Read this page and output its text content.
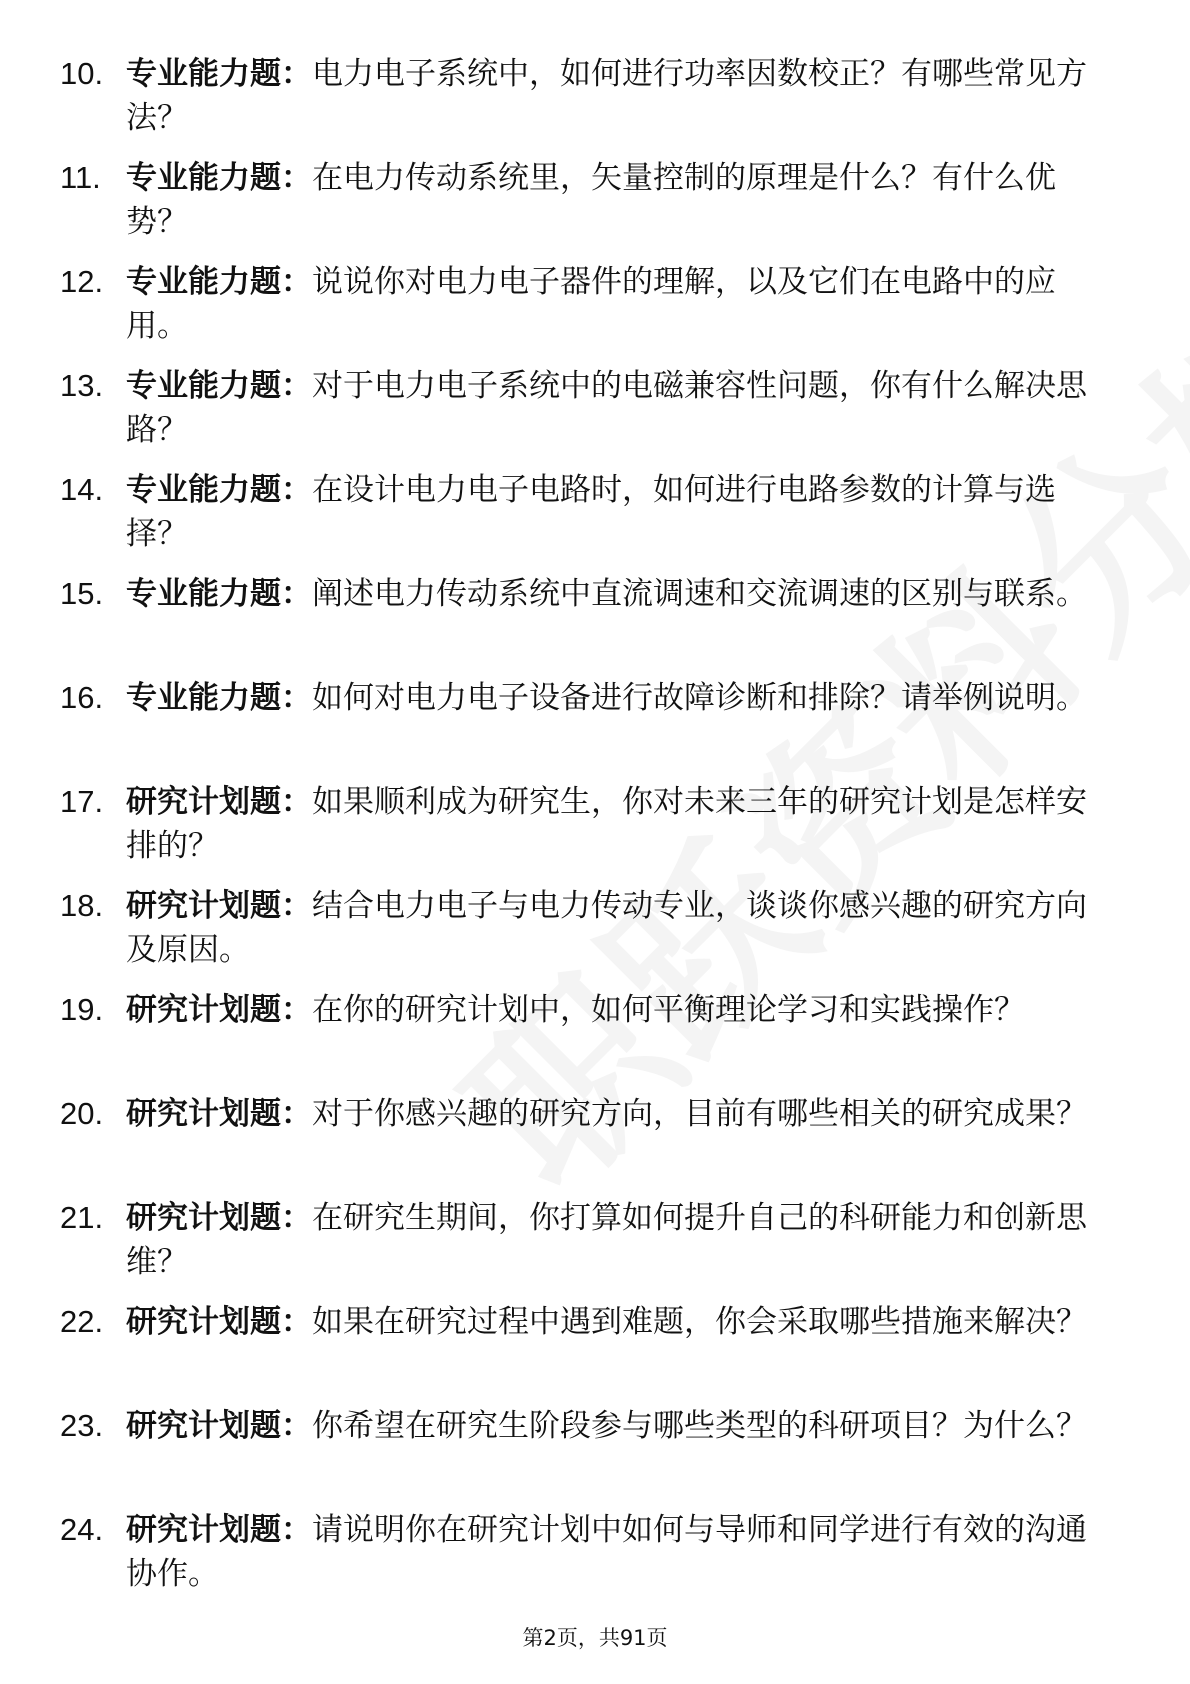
10. 专业能力题：电力电子系统中，如何进行功率因数校正？有哪些常见方法？
11. 专业能力题：在电力传动系统里，矢量控制的原理是什么？有什么优势？
12. 专业能力题：说说你对电力电子器件的理解，以及它们在电路中的应用。
13. 专业能力题：对于电力电子系统中的电磁兼容性问题，你有什么解决思路？
14. 专业能力题：在设计电力电子电路时，如何进行电路参数的计算与选择？
15. 专业能力题：阐述电力传动系统中直流调速和交流调速的区别与联系。
16. 专业能力题：如何对电力电子设备进行故障诊断和排除？请举例说明。
17. 研究计划题：如果顺利成为研究生，你对未来三年的研究计划是怎样安排的？
18. 研究计划题：结合电力电子与电力传动专业，谈谈你感兴趣的研究方向及原因。
19. 研究计划题：在你的研究计划中，如何平衡理论学习和实践操作？
20. 研究计划题：对于你感兴趣的研究方向，目前有哪些相关的研究成果？
21. 研究计划题：在研究生期间，你打算如何提升自己的科研能力和创新思维？
22. 研究计划题：如果在研究过程中遇到难题，你会采取哪些措施来解决？
23. 研究计划题：你希望在研究生阶段参与哪些类型的科研项目？为什么？
24. 研究计划题：请说明你在研究计划中如何与导师和同学进行有效的沟通协作。
第2页，共91页
